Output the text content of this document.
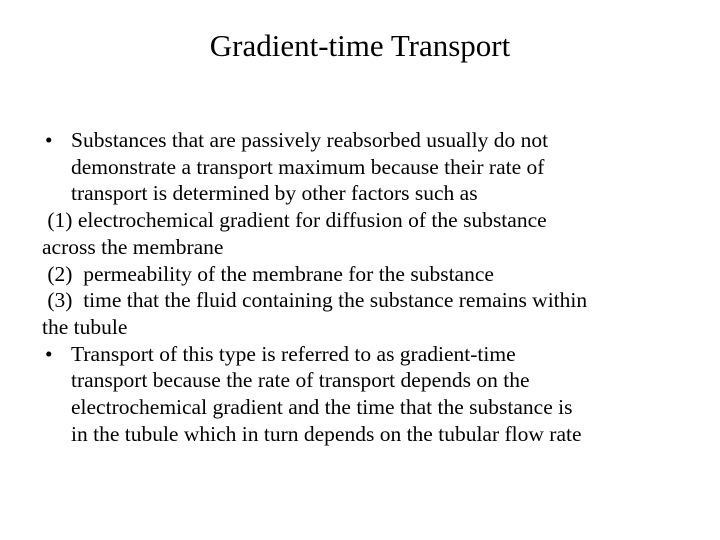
Gradient-time Transport
• Substances that are passively reabsorbed usually do not
demonstrate a transport maximum because their rate of
transport is determined by other factors such as
(1) electrochemical gradient for diffusion of the substance
across the membrane
(2)  permeability of the membrane for the substance
(3)  time that the fluid containing the substance remains within
the tubule
• Transport of this type is referred to as gradient-time
transport because the rate of transport depends on the
electrochemical gradient and the time that the substance is
in the tubule which in turn depends on the tubular flow rate
